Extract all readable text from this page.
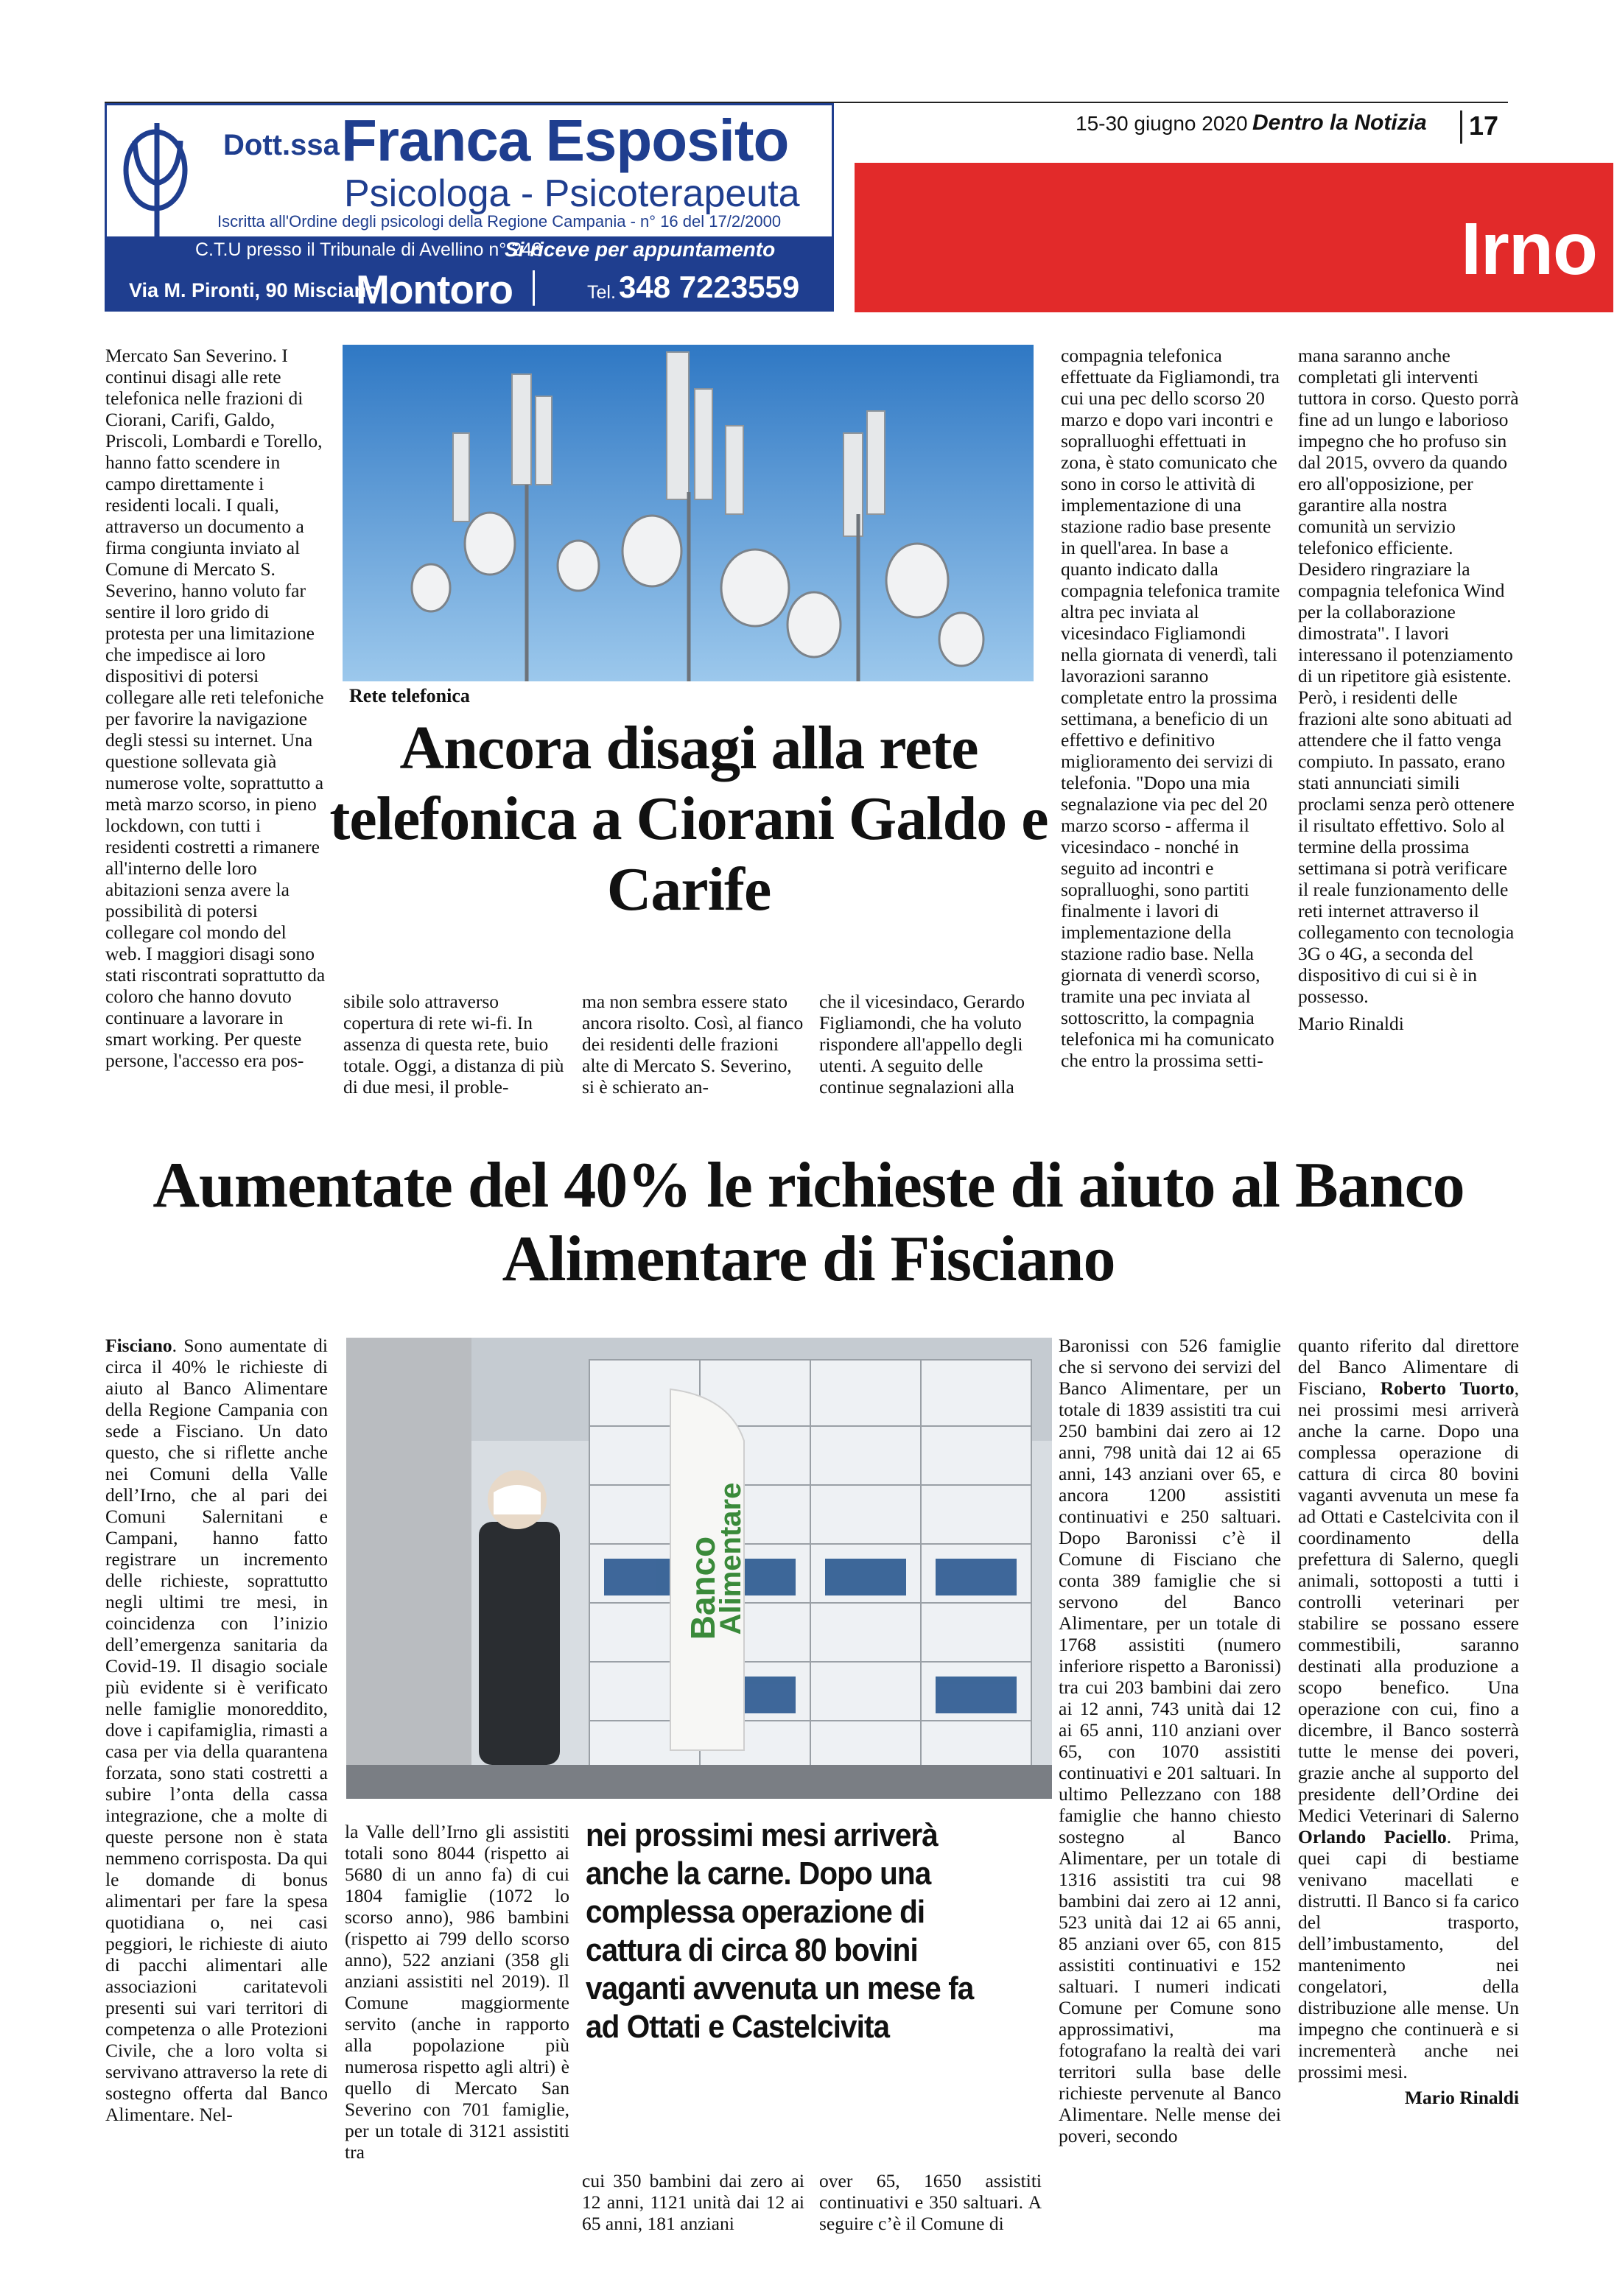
Dott.ssa Franca Esposito
Psicologa - Psicoterapeuta
Iscritta all'Ordine degli psicologi della Regione Campania - n° 16 del 17/2/2000
C.T.U presso il Tribunale di Avellino n° 248
Si riceve per appuntamento
Via M. Pironti, 90 Misciano
Montoro	Tel. 348 7223559
15-30 giugno 2020 Dentro la Notizia 17
Irno

Mercato San Severino. I continui disagi alle rete telefonica nelle frazioni di Ciorani, Carifi, Galdo, Priscoli, Lombardi e Torello, hanno fatto scendere in campo direttamente i residenti locali. I quali, attraverso un documento a firma congiunta inviato al Comune di Mercato S. Severino, hanno voluto far sentire il loro grido di protesta per una limitazione che impedisce ai loro dispositivi di potersi collegare alle reti telefoniche per favorire la navigazione degli stessi su internet. Una questione sollevata già numerose volte, soprattutto a metà marzo scorso, in pieno lockdown, con tutti i residenti costretti a rimanere all'interno delle loro abitazioni senza avere la possibilità di potersi collegare col mondo del web. I maggiori disagi sono stati riscontrati soprattutto da coloro che hanno dovuto continuare a lavorare in smart working. Per queste persone, l'accesso era pos-

Rete telefonica
Ancora disagi alla rete telefonica a Ciorani Galdo e Carife

sibile solo attraverso copertura di rete wi-fi. In assenza di questa rete, buio totale. Oggi, a distanza di più di due mesi, il proble-

ma non sembra essere stato ancora risolto. Così, al fianco dei residenti delle frazioni alte di Mercato S. Severino, si è schierato an-

che il vicesindaco, Gerardo Figliamondi, che ha voluto rispondere all'appello degli utenti. A seguito delle continue segnalazioni alla

compagnia telefonica effettuate da Figliamondi, tra cui una pec dello scorso 20 marzo e dopo vari incontri e sopralluoghi effettuati in zona, è stato comunicato che sono in corso le attività di implementazione di una stazione radio base presente in quell'area. In base a quanto indicato dalla compagnia telefonica tramite altra pec inviata al vicesindaco Figliamondi nella giornata di venerdì, tali lavorazioni saranno completate entro la prossima settimana, a beneficio di un effettivo e definitivo miglioramento dei servizi di telefonia. "Dopo una mia segnalazione via pec del 20 marzo scorso - afferma il vicesindaco - nonché in seguito ad incontri e sopralluoghi, sono partiti finalmente i lavori di implementazione della stazione radio base. Nella giornata di venerdì scorso, tramite una pec inviata al sottoscritto, la compagnia telefonica mi ha comunicato che entro la prossima setti-

mana saranno anche completati gli interventi tuttora in corso. Questo porrà fine ad un lungo e laborioso impegno che ho profuso sin dal 2015, ovvero da quando ero all'opposizione, per garantire alla nostra comunità un servizio telefonico efficiente. Desidero ringraziare la compagnia telefonica Wind per la collaborazione dimostrata". I lavori interessano il potenziamento di un ripetitore già esistente. Però, i residenti delle frazioni alte sono abituati ad attendere che il fatto venga compiuto. In passato, erano stati annunciati simili proclami senza però ottenere il risultato effettivo. Solo al termine della prossima settimana si potrà verificare il reale funzionamento delle reti internet attraverso il collegamento con tecnologia 3G o 4G, a seconda del dispositivo di cui si è in possesso.

Mario Rinaldi

Aumentate del 40% le richieste di aiuto al Banco Alimentare di Fisciano

Fisciano. Sono aumentate di circa il 40% le richieste di aiuto al Banco Alimentare della Regione Campania con sede a Fisciano. Un dato questo, che si riflette anche nei Comuni della Valle dell’Irno, che al pari dei Comuni Salernitani e Campani, hanno fatto registrare un incremento delle richieste, soprattutto negli ultimi tre mesi, in coincidenza con l’inizio dell’emergenza sanitaria da Covid-19. Il disagio sociale più evidente si è verificato nelle famiglie monoreddito, dove i capifamiglia, rimasti a casa per via della quarantena forzata, sono stati costretti a subire l’onta della cassa integrazione, che a molte di queste persone non è stata nemmeno corrisposta. Da qui le domande di bonus alimentari per fare la spesa quotidiana o, nei casi peggiori, le richieste di aiuto di pacchi alimentari alle associazioni caritatevoli presenti sui vari territori di competenza o alle Protezioni Civile, che a loro volta si servivano attraverso la rete di sostegno offerta dal Banco Alimentare. Nel-

Banco
Alimentare

la Valle dell’Irno gli assistiti totali sono 8044 (rispetto ai 5680 di un anno fa) di cui 1804 famiglie (1072 lo scorso anno), 986 bambini (rispetto ai 799 dello scorso anno), 522 anziani (358 gli anziani assistiti nel 2019). Il Comune maggiormente servito (anche in rapporto alla popolazione più numerosa rispetto agli altri) è quello di Mercato San Severino con 701 famiglie, per un totale di 3121 assistiti tra

nei prossimi mesi arriverà anche la carne. Dopo una complessa operazione di cattura di circa 80 bovini vaganti avvenuta un mese fa ad Ottati e Castelcivita

cui 350 bambini dai zero ai 12 anni, 1121 unità dai 12 ai 65 anni, 181 anziani

over 65, 1650 assistiti continuativi e 350 saltuari. A seguire c’è il Comune di

Baronissi con 526 famiglie che si servono dei servizi del Banco Alimentare, per un totale di 1839 assistiti tra cui 250 bambini dai zero ai 12 anni, 798 unità dai 12 ai 65 anni, 143 anziani over 65, e ancora 1200 assistiti continuativi e 250 saltuari. Dopo Baronissi c’è il Comune di Fisciano che conta 389 famiglie che si servono del Banco Alimentare, per un totale di 1768 assistiti (numero inferiore rispetto a Baronissi) tra cui 203 bambini dai zero ai 12 anni, 743 unità dai 12 ai 65 anni, 110 anziani over 65, con 1070 assistiti continuativi e 201 saltuari. In ultimo Pellezzano con 188 famiglie che hanno chiesto sostegno al Banco Alimentare, per un totale di 1316 assistiti tra cui 98 bambini dai zero ai 12 anni, 523 unità dai 12 ai 65 anni, 85 anziani over 65, con 815 assistiti continuativi e 152 saltuari. I numeri indicati Comune per Comune sono approssimativi, ma fotografano la realtà dei vari territori sulla base delle richieste pervenute al Banco Alimentare. Nelle mense dei poveri, secondo

quanto riferito dal direttore del Banco Alimentare di Fisciano, Roberto Tuorto, nei prossimi mesi arriverà anche la carne. Dopo una complessa operazione di cattura di circa 80 bovini vaganti avvenuta un mese fa ad Ottati e Castelcivita con il coordinamento della prefettura di Salerno, quegli animali, sottoposti a tutti i controlli veterinari per stabilire se possano essere commestibili, saranno destinati alla produzione a scopo benefico. Una operazione con cui, fino a dicembre, il Banco sosterrà tutte le mense dei poveri, grazie anche al supporto del presidente dell’Ordine dei Medici Veterinari di Salerno Orlando Paciello. Prima, quei capi di bestiame venivano macellati e distrutti. Il Banco si fa carico del trasporto, dell’imbustamento, del mantenimento nei congelatori, della distribuzione alle mense. Un impegno che continuerà e si incrementerà anche nei prossimi mesi.

Mario Rinaldi
